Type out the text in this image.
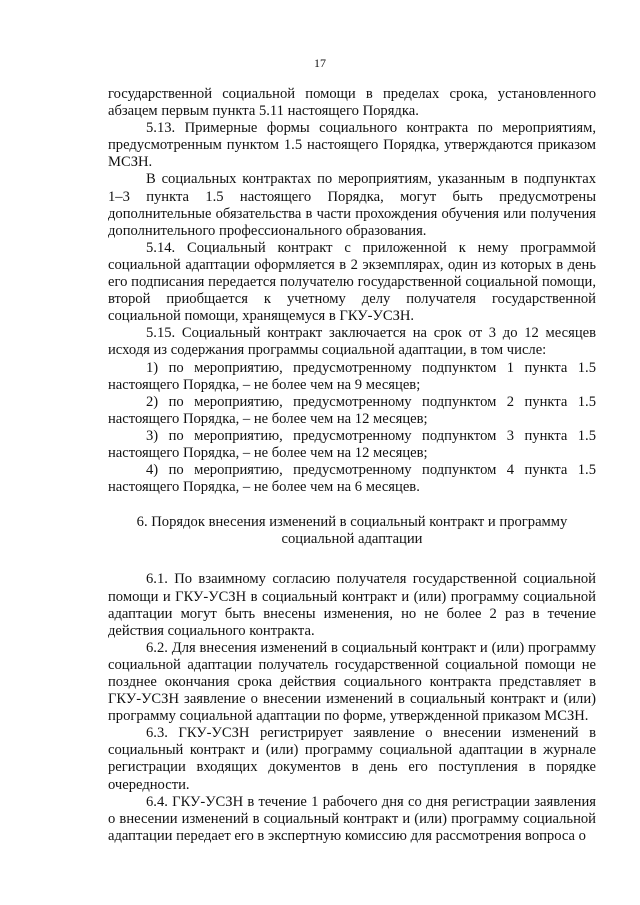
17

государственной социальной помощи в пределах срока, установленного абзацем первым пункта 5.11 настоящего Порядка.

5.13. Примерные формы социального контракта по мероприятиям, предусмотренным пунктом 1.5 настоящего Порядка, утверждаются приказом МСЗН.

В социальных контрактах по мероприятиям, указанным в подпунктах 1–3 пункта 1.5 настоящего Порядка, могут быть предусмотрены дополнительные обязательства в части прохождения обучения или получения дополнительного профессионального образования.

5.14. Социальный контракт с приложенной к нему программой социальной адаптации оформляется в 2 экземплярах, один из которых в день его подписания передается получателю государственной социальной помощи, второй приобщается к учетному делу получателя государственной социальной помощи, хранящемуся в ГКУ-УСЗН.

5.15. Социальный контракт заключается на срок от 3 до 12 месяцев исходя из содержания программы социальной адаптации, в том числе:

1) по мероприятию, предусмотренному подпунктом 1 пункта 1.5 настоящего Порядка, – не более чем на 9 месяцев;

2) по мероприятию, предусмотренному подпунктом 2 пункта 1.5 настоящего Порядка, – не более чем на 12 месяцев;

3) по мероприятию, предусмотренному подпунктом 3 пункта 1.5 настоящего Порядка, – не более чем на 12 месяцев;

4) по мероприятию, предусмотренному подпунктом 4 пункта 1.5 настоящего Порядка, – не более чем на 6 месяцев.

6. Порядок внесения изменений в социальный контракт и программу социальной адаптации

6.1. По взаимному согласию получателя государственной социальной помощи и ГКУ-УСЗН в социальный контракт и (или) программу социальной адаптации могут быть внесены изменения, но не более 2 раз в течение действия социального контракта.

6.2. Для внесения изменений в социальный контракт и (или) программу социальной адаптации получатель государственной социальной помощи не позднее окончания срока действия социального контракта представляет в ГКУ-УСЗН заявление о внесении изменений в социальный контракт и (или) программу социальной адаптации по форме, утвержденной приказом МСЗН.

6.3. ГКУ-УСЗН регистрирует заявление о внесении изменений в социальный контракт и (или) программу социальной адаптации в журнале регистрации входящих документов в день его поступления в порядке очередности.

6.4. ГКУ-УСЗН в течение 1 рабочего дня со дня регистрации заявления о внесении изменений в социальный контракт и (или) программу социальной адаптации передает его в экспертную комиссию для рассмотрения вопроса о
